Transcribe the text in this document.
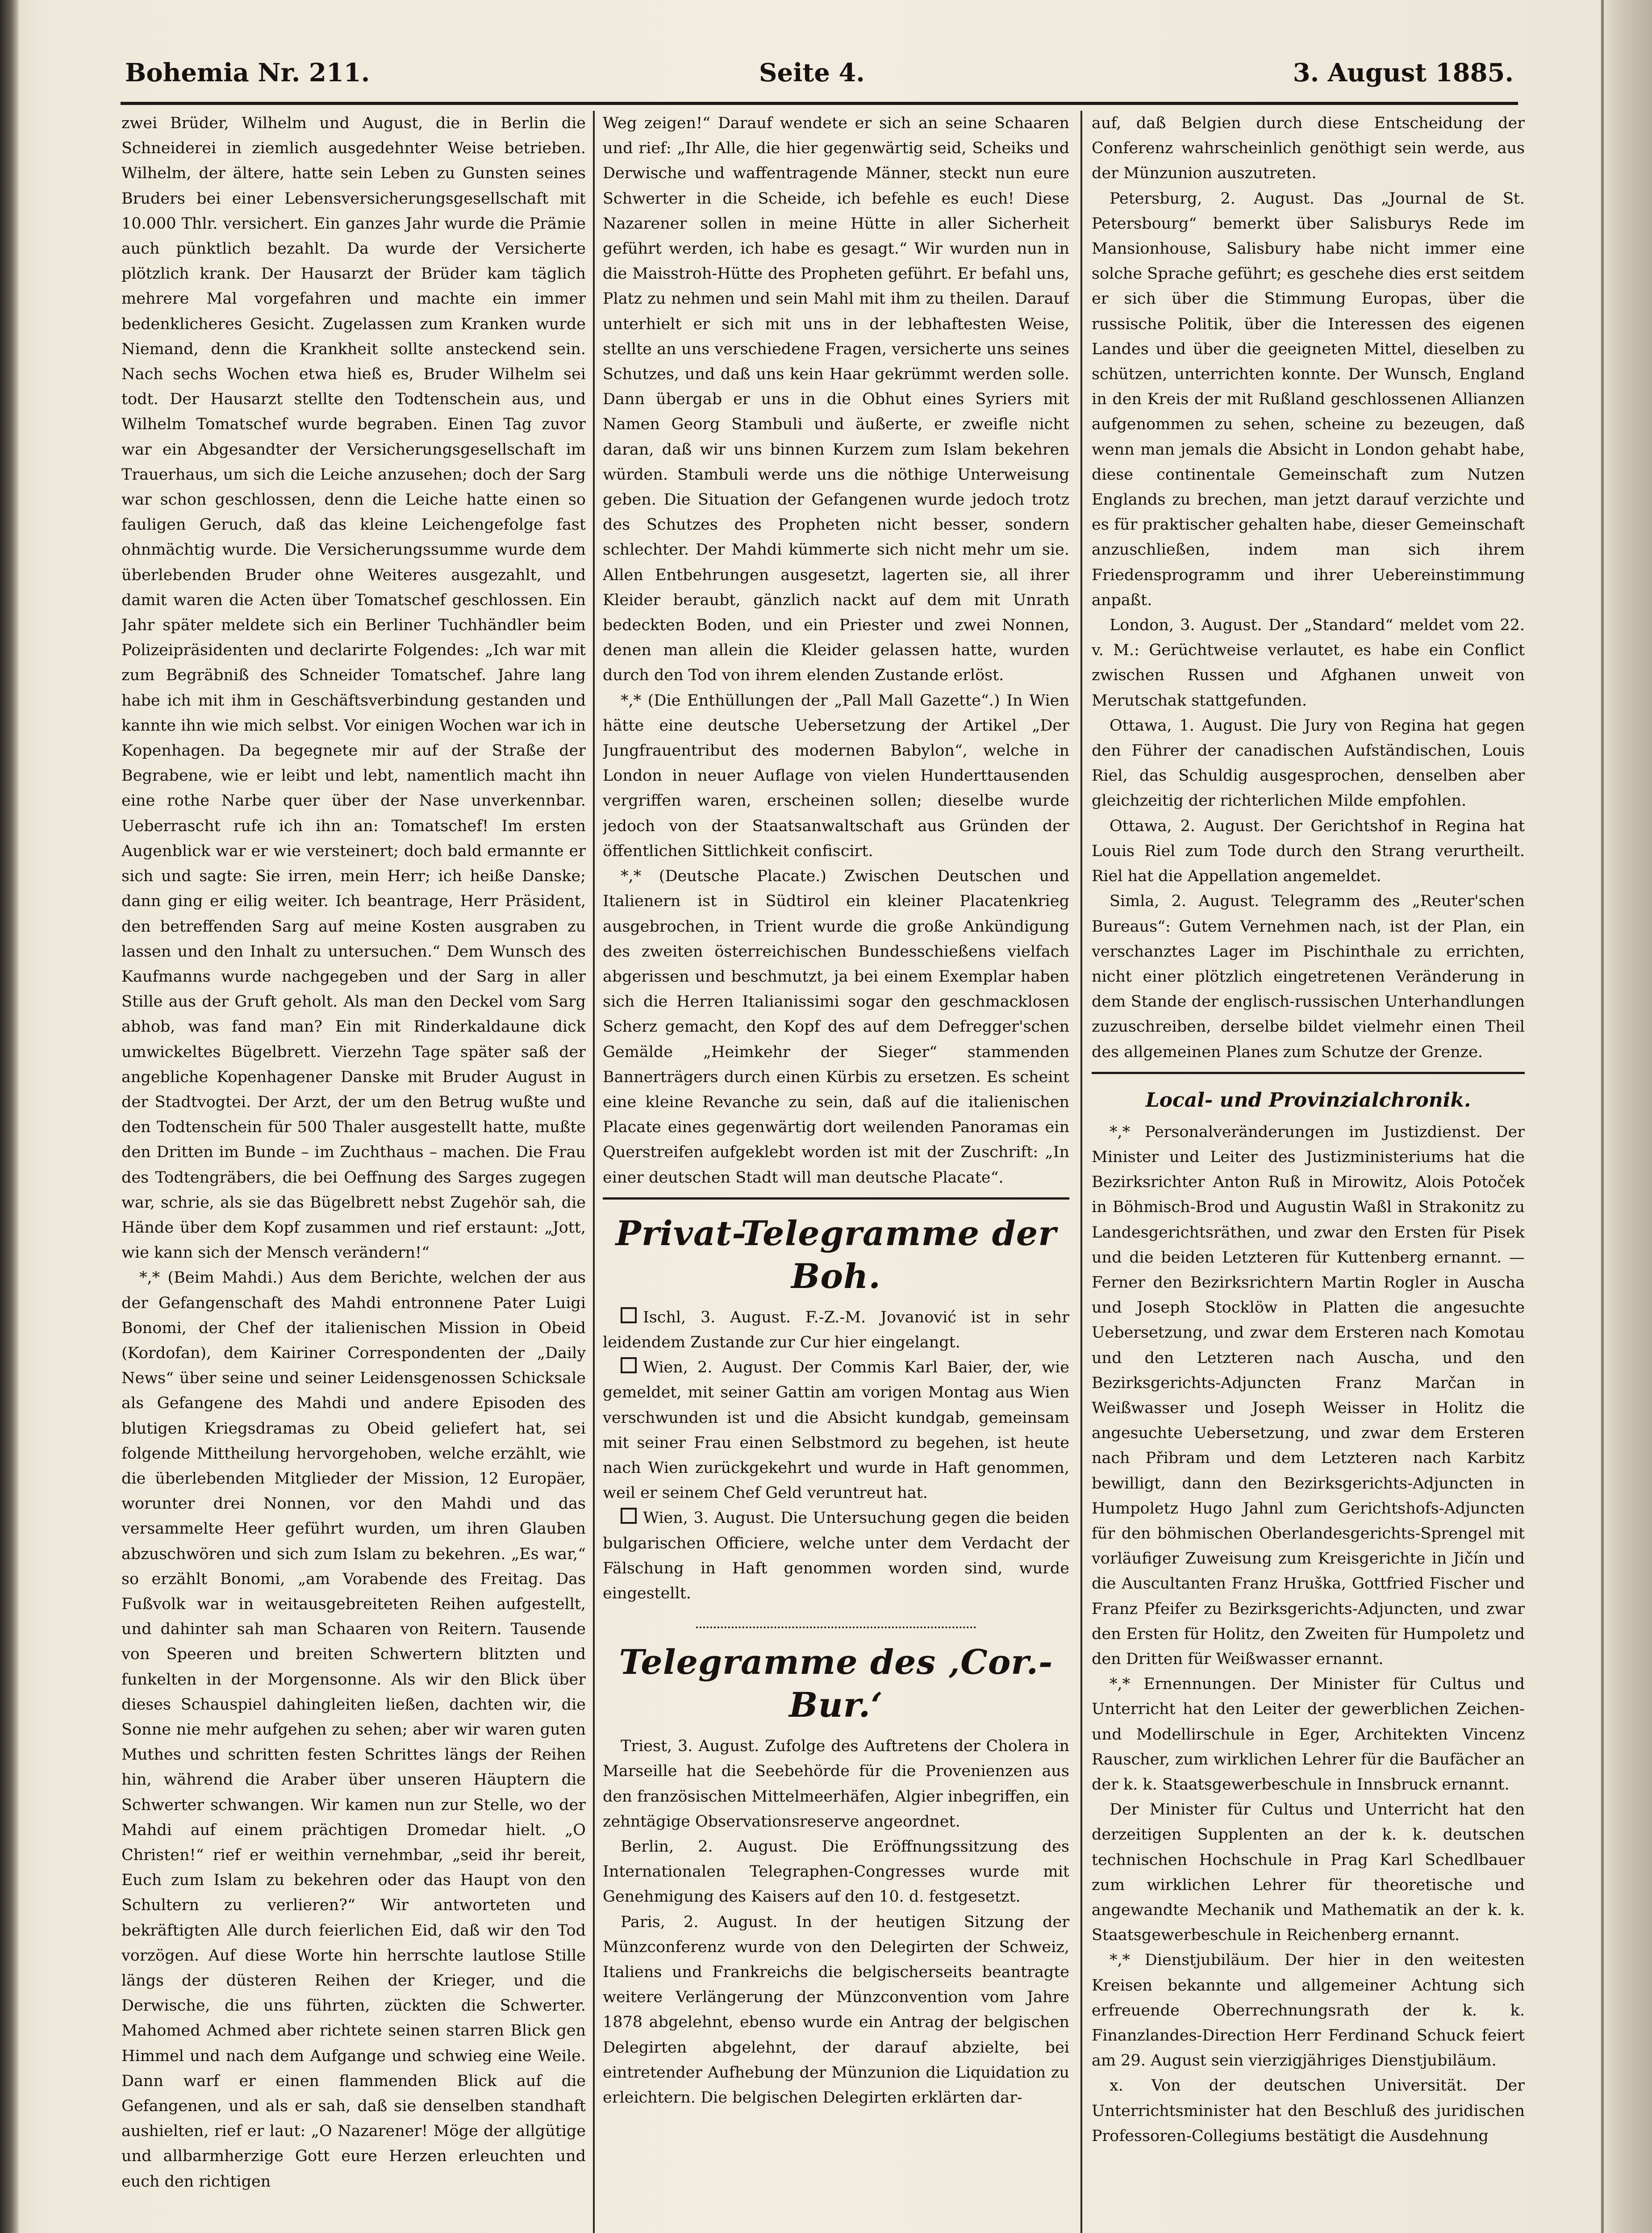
Bohemia Nr. 211.	Seite 4.	3. August 1885.

zwei Brüder, Wilhelm und August, die in Berlin die Schneiderei in ziemlich ausgedehnter Weise betrieben. Wilhelm, der ältere, hatte sein Leben zu Gunsten seines Bruders bei einer Lebensversicherungsgesellschaft mit 10.000 Thlr. versichert. Ein ganzes Jahr wurde die Prämie auch pünktlich bezahlt. Da wurde der Versicherte plötzlich krank. Der Hausarzt der Brüder kam täglich mehrere Mal vorgefahren und machte ein immer bedenklicheres Gesicht. Zugelassen zum Kranken wurde Niemand, denn die Krankheit sollte ansteckend sein. Nach sechs Wochen etwa hieß es, Bruder Wilhelm sei todt. Der Hausarzt stellte den Todtenschein aus, und Wilhelm Tomatschef wurde begraben. Einen Tag zuvor war ein Abgesandter der Versicherungsgesellschaft im Trauerhaus, um sich die Leiche anzusehen; doch der Sarg war schon geschlossen, denn die Leiche hatte einen so fauligen Geruch, daß das kleine Leichengefolge fast ohnmächtig wurde. Die Versicherungssumme wurde dem überlebenden Bruder ohne Weiteres ausgezahlt, und damit waren die Acten über Tomatschef geschlossen. Ein Jahr später meldete sich ein Berliner Tuchhändler beim Polizeipräsidenten und declarirte Folgendes: „Ich war mit zum Begräbniß des Schneider Tomatschef. Jahre lang habe ich mit ihm in Geschäftsverbindung gestanden und kannte ihn wie mich selbst. Vor einigen Wochen war ich in Kopenhagen. Da begegnete mir auf der Straße der Begrabene, wie er leibt und lebt, namentlich macht ihn eine rothe Narbe quer über der Nase unverkennbar. Ueberrascht rufe ich ihn an: Tomatschef! Im ersten Augenblick war er wie versteinert; doch bald ermannte er sich und sagte: Sie irren, mein Herr; ich heiße Danske; dann ging er eilig weiter. Ich beantrage, Herr Präsident, den betreffenden Sarg auf meine Kosten ausgraben zu lassen und den Inhalt zu untersuchen.“ Dem Wunsch des Kaufmanns wurde nachgegeben und der Sarg in aller Stille aus der Gruft geholt. Als man den Deckel vom Sarg abhob, was fand man? Ein mit Rinderkaldaune dick umwickeltes Bügelbrett. Vierzehn Tage später saß der angebliche Kopenhagener Danske mit Bruder August in der Stadtvogtei. Der Arzt, der um den Betrug wußte und den Todtenschein für 500 Thaler ausgestellt hatte, mußte den Dritten im Bunde – im Zuchthaus – machen. Die Frau des Todtengräbers, die bei Oeffnung des Sarges zugegen war, schrie, als sie das Bügelbrett nebst Zugehör sah, die Hände über dem Kopf zusammen und rief erstaunt: „Jott, wie kann sich der Mensch verändern!“

*,* (Beim Mahdi.) Aus dem Berichte, welchen der aus der Gefangenschaft des Mahdi entronnene Pater Luigi Bonomi, der Chef der italienischen Mission in Obeid (Kordofan), dem Kairiner Correspondenten der „Daily News“ über seine und seiner Leidensgenossen Schicksale als Gefangene des Mahdi und andere Episoden des blutigen Kriegsdramas zu Obeid geliefert hat, sei folgende Mittheilung hervorgehoben, welche erzählt, wie die überlebenden Mitglieder der Mission, 12 Europäer, worunter drei Nonnen, vor den Mahdi und das versammelte Heer geführt wurden, um ihren Glauben abzuschwören und sich zum Islam zu bekehren. „Es war,“ so erzählt Bonomi, „am Vorabende des Freitag. Das Fußvolk war in weitausgebreiteten Reihen aufgestellt, und dahinter sah man Schaaren von Reitern. Tausende von Speeren und breiten Schwertern blitzten und funkelten in der Morgensonne. Als wir den Blick über dieses Schauspiel dahingleiten ließen, dachten wir, die Sonne nie mehr aufgehen zu sehen; aber wir waren guten Muthes und schritten festen Schrittes längs der Reihen hin, während die Araber über unseren Häuptern die Schwerter schwangen. Wir kamen nun zur Stelle, wo der Mahdi auf einem prächtigen Dromedar hielt. „O Christen!“ rief er weithin vernehmbar, „seid ihr bereit, Euch zum Islam zu bekehren oder das Haupt von den Schultern zu verlieren?“ Wir antworteten und bekräftigten Alle durch feierlichen Eid, daß wir den Tod vorzögen. Auf diese Worte hin herrschte lautlose Stille längs der düsteren Reihen der Krieger, und die Derwische, die uns führten, zückten die Schwerter. Mahomed Achmed aber richtete seinen starren Blick gen Himmel und nach dem Aufgange und schwieg eine Weile. Dann warf er einen flammenden Blick auf die Gefangenen, und als er sah, daß sie denselben standhaft aushielten, rief er laut: „O Nazarener! Möge der allgütige und allbarmherzige Gott eure Herzen erleuchten und euch den richtigen

Weg zeigen!“ Darauf wendete er sich an seine Schaaren und rief: „Ihr Alle, die hier gegenwärtig seid, Scheiks und Derwische und waffentragende Männer, steckt nun eure Schwerter in die Scheide, ich befehle es euch! Diese Nazarener sollen in meine Hütte in aller Sicherheit geführt werden, ich habe es gesagt.“ Wir wurden nun in die Maisstroh-Hütte des Propheten geführt. Er befahl uns, Platz zu nehmen und sein Mahl mit ihm zu theilen. Darauf unterhielt er sich mit uns in der lebhaftesten Weise, stellte an uns verschiedene Fragen, versicherte uns seines Schutzes, und daß uns kein Haar gekrümmt werden solle. Dann übergab er uns in die Obhut eines Syriers mit Namen Georg Stambuli und äußerte, er zweifle nicht daran, daß wir uns binnen Kurzem zum Islam bekehren würden. Stambuli werde uns die nöthige Unterweisung geben. Die Situation der Gefangenen wurde jedoch trotz des Schutzes des Propheten nicht besser, sondern schlechter. Der Mahdi kümmerte sich nicht mehr um sie. Allen Entbehrungen ausgesetzt, lagerten sie, all ihrer Kleider beraubt, gänzlich nackt auf dem mit Unrath bedeckten Boden, und ein Priester und zwei Nonnen, denen man allein die Kleider gelassen hatte, wurden durch den Tod von ihrem elenden Zustande erlöst.

*,* (Die Enthüllungen der „Pall Mall Gazette“.) In Wien hätte eine deutsche Uebersetzung der Artikel „Der Jungfrauentribut des modernen Babylon“, welche in London in neuer Auflage von vielen Hunderttausenden vergriffen waren, erscheinen sollen; dieselbe wurde jedoch von der Staatsanwaltschaft aus Gründen der öffentlichen Sittlichkeit confiscirt.

*,* (Deutsche Placate.) Zwischen Deutschen und Italienern ist in Südtirol ein kleiner Placatenkrieg ausgebrochen, in Trient wurde die große Ankündigung des zweiten österreichischen Bundesschießens vielfach abgerissen und beschmutzt, ja bei einem Exemplar haben sich die Herren Italianissimi sogar den geschmacklosen Scherz gemacht, den Kopf des auf dem Defregger'schen Gemälde „Heimkehr der Sieger“ stammenden Bannerträgers durch einen Kürbis zu ersetzen. Es scheint eine kleine Revanche zu sein, daß auf die italienischen Placate eines gegenwärtig dort weilenden Panoramas ein Querstreifen aufgeklebt worden ist mit der Zuschrift: „In einer deutschen Stadt will man deutsche Placate“.

Privat-Telegramme der Boh.

Ischl, 3. August. F.-Z.-M. Jovanović ist in sehr leidendem Zustande zur Cur hier eingelangt.

Wien, 2. August. Der Commis Karl Baier, der, wie gemeldet, mit seiner Gattin am vorigen Montag aus Wien verschwunden ist und die Absicht kundgab, gemeinsam mit seiner Frau einen Selbstmord zu begehen, ist heute nach Wien zurückgekehrt und wurde in Haft genommen, weil er seinem Chef Geld veruntreut hat.

Wien, 3. August. Die Untersuchung gegen die beiden bulgarischen Officiere, welche unter dem Verdacht der Fälschung in Haft genommen worden sind, wurde eingestellt.

Telegramme des ‚Cor.-Bur.‘

Triest, 3. August. Zufolge des Auftretens der Cholera in Marseille hat die Seebehörde für die Provenienzen aus den französischen Mittelmeerhäfen, Algier inbegriffen, ein zehntägige Observationsreserve angeordnet.

Berlin, 2. August. Die Eröffnungssitzung des Internationalen Telegraphen-Congresses wurde mit Genehmigung des Kaisers auf den 10. d. festgesetzt.

Paris, 2. August. In der heutigen Sitzung der Münzconferenz wurde von den Delegirten der Schweiz, Italiens und Frankreichs die belgischerseits beantragte weitere Verlängerung der Münzconvention vom Jahre 1878 abgelehnt, ebenso wurde ein Antrag der belgischen Delegirten abgelehnt, der darauf abzielte, bei eintretender Aufhebung der Münzunion die Liquidation zu erleichtern. Die belgischen Delegirten erklärten dar-

auf, daß Belgien durch diese Entscheidung der Conferenz wahrscheinlich genöthigt sein werde, aus der Münzunion auszutreten.

Petersburg, 2. August. Das „Journal de St. Petersbourg“ bemerkt über Salisburys Rede im Mansionhouse, Salisbury habe nicht immer eine solche Sprache geführt; es geschehe dies erst seitdem er sich über die Stimmung Europas, über die russische Politik, über die Interessen des eigenen Landes und über die geeigneten Mittel, dieselben zu schützen, unterrichten konnte. Der Wunsch, England in den Kreis der mit Rußland geschlossenen Allianzen aufgenommen zu sehen, scheine zu bezeugen, daß wenn man jemals die Absicht in London gehabt habe, diese continentale Gemeinschaft zum Nutzen Englands zu brechen, man jetzt darauf verzichte und es für praktischer gehalten habe, dieser Gemeinschaft anzuschließen, indem man sich ihrem Friedensprogramm und ihrer Uebereinstimmung anpaßt.

London, 3. August. Der „Standard“ meldet vom 22. v. M.: Gerüchtweise verlautet, es habe ein Conflict zwischen Russen und Afghanen unweit von Merutschak stattgefunden.

Ottawa, 1. August. Die Jury von Regina hat gegen den Führer der canadischen Aufständischen, Louis Riel, das Schuldig ausgesprochen, denselben aber gleichzeitig der richterlichen Milde empfohlen.

Ottawa, 2. August. Der Gerichtshof in Regina hat Louis Riel zum Tode durch den Strang verurtheilt. Riel hat die Appellation angemeldet.

Simla, 2. August. Telegramm des „Reuter'schen Bureaus“: Gutem Vernehmen nach, ist der Plan, ein verschanztes Lager im Pischinthale zu errichten, nicht einer plötzlich eingetretenen Veränderung in dem Stande der englisch-russischen Unterhandlungen zuzuschreiben, derselbe bildet vielmehr einen Theil des allgemeinen Planes zum Schutze der Grenze.

Local- und Provinzialchronik.

*,* Personalveränderungen im Justizdienst. Der Minister und Leiter des Justizministeriums hat die Bezirksrichter Anton Ruß in Mirowitz, Alois Potoček in Böhmisch-Brod und Augustin Waßl in Strakonitz zu Landesgerichtsräthen, und zwar den Ersten für Pisek und die beiden Letzteren für Kuttenberg ernannt. — Ferner den Bezirksrichtern Martin Rogler in Auscha und Joseph Stocklöw in Platten die angesuchte Uebersetzung, und zwar dem Ersteren nach Komotau und den Letzteren nach Auscha, und den Bezirksgerichts-Adjuncten Franz Marčan in Weißwasser und Joseph Weisser in Holitz die angesuchte Uebersetzung, und zwar dem Ersteren nach Přibram und dem Letzteren nach Karbitz bewilligt, dann den Bezirksgerichts-Adjuncten in Humpoletz Hugo Jahnl zum Gerichtshofs-Adjuncten für den böhmischen Oberlandesgerichts-Sprengel mit vorläufiger Zuweisung zum Kreisgerichte in Jičín und die Auscultanten Franz Hruška, Gottfried Fischer und Franz Pfeifer zu Bezirksgerichts-Adjuncten, und zwar den Ersten für Holitz, den Zweiten für Humpoletz und den Dritten für Weißwasser ernannt.

*,* Ernennungen. Der Minister für Cultus und Unterricht hat den Leiter der gewerblichen Zeichen- und Modellirschule in Eger, Architekten Vincenz Rauscher, zum wirklichen Lehrer für die Baufächer an der k. k. Staatsgewerbeschule in Innsbruck ernannt.

Der Minister für Cultus und Unterricht hat den derzeitigen Supplenten an der k. k. deutschen technischen Hochschule in Prag Karl Schedlbauer zum wirklichen Lehrer für theoretische und angewandte Mechanik und Mathematik an der k. k. Staatsgewerbeschule in Reichenberg ernannt.

*,* Dienstjubiläum. Der hier in den weitesten Kreisen bekannte und allgemeiner Achtung sich erfreuende Oberrechnungsrath der k. k. Finanzlandes-Direction Herr Ferdinand Schuck feiert am 29. August sein vierzigjähriges Dienstjubiläum.

x. Von der deutschen Universität. Der Unterrichtsminister hat den Beschluß des juridischen Professoren-Collegiums bestätigt die Ausdehnung
